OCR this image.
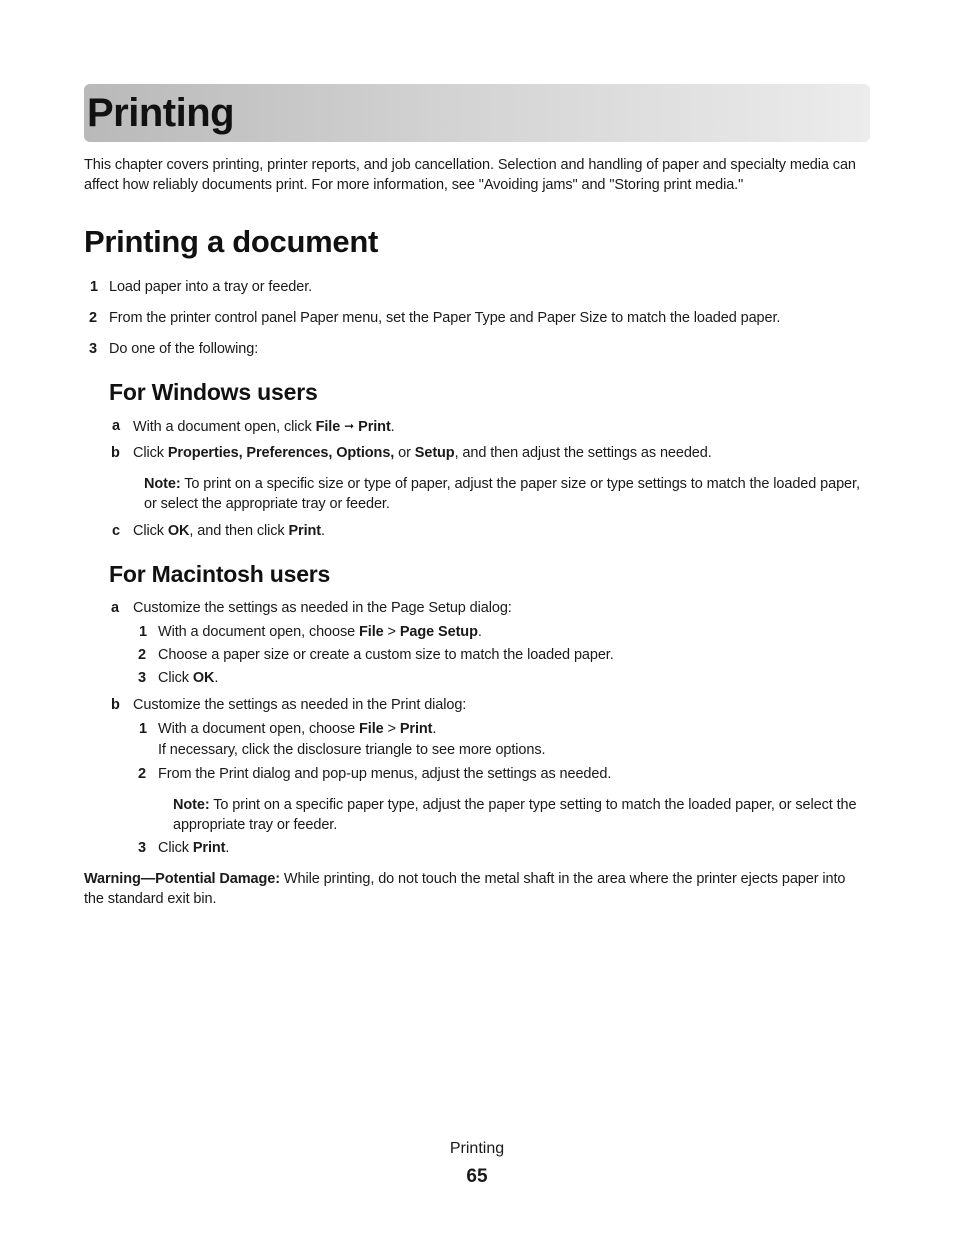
Printing
This chapter covers printing, printer reports, and job cancellation. Selection and handling of paper and specialty media can affect how reliably documents print. For more information, see "Avoiding jams" and "Storing print media."
Printing a document
1 Load paper into a tray or feeder.
2 From the printer control panel Paper menu, set the Paper Type and Paper Size to match the loaded paper.
3 Do one of the following:
For Windows users
a With a document open, click File ➞ Print.
b Click Properties, Preferences, Options, or Setup, and then adjust the settings as needed.
Note: To print on a specific size or type of paper, adjust the paper size or type settings to match the loaded paper, or select the appropriate tray or feeder.
c Click OK, and then click Print.
For Macintosh users
a Customize the settings as needed in the Page Setup dialog:
1 With a document open, choose File > Page Setup.
2 Choose a paper size or create a custom size to match the loaded paper.
3 Click OK.
b Customize the settings as needed in the Print dialog:
1 With a document open, choose File > Print.
If necessary, click the disclosure triangle to see more options.
2 From the Print dialog and pop-up menus, adjust the settings as needed.
Note: To print on a specific paper type, adjust the paper type setting to match the loaded paper, or select the appropriate tray or feeder.
3 Click Print.
Warning—Potential Damage: While printing, do not touch the metal shaft in the area where the printer ejects paper into the standard exit bin.
Printing
65
